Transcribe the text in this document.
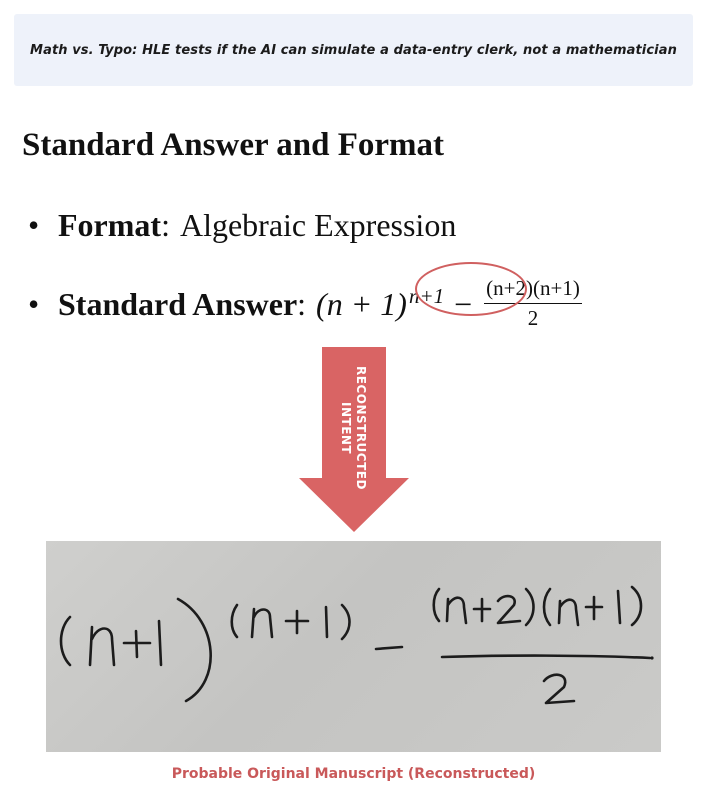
Math vs. Typo: HLE tests if the AI can simulate a data-entry clerk, not a mathematician
Standard Answer and Format
• Format : Algebraic Expression
• Standard Answer : $(n + 1)^{n+1} - \frac{(n+2)(n+1)}{2}$
RECONSTRUCTED
INTENT
Probable Original Manuscript (Reconstructed)
